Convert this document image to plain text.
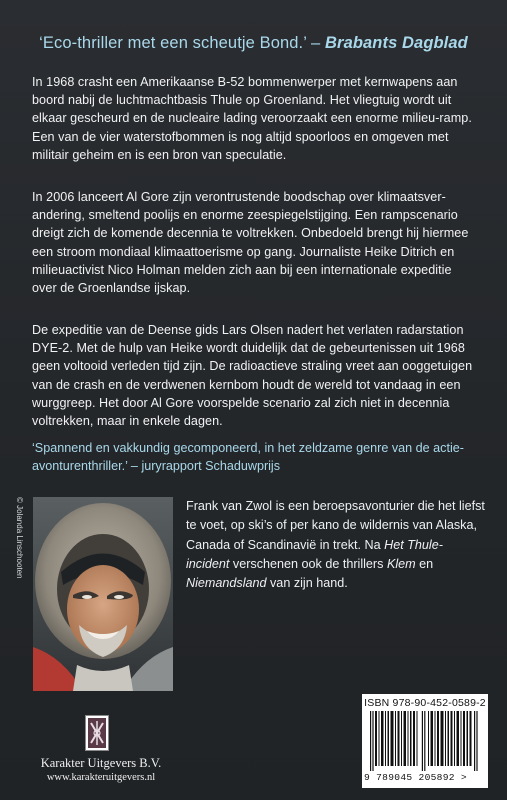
‘Eco-thriller met een scheutje Bond.’ – Brabants Dagblad
In 1968 crasht een Amerikaanse B-52 bommenwerper met kernwapens aan boord nabij de luchtmachtbasis Thule op Groenland. Het vliegtuig wordt uit elkaar gescheurd en de nucleaire lading veroorzaakt een enorme milieu-ramp. Een van de vier waterstofbommen is nog altijd spoorloos en omgeven met militair geheim en is een bron van speculatie.
In 2006 lanceert Al Gore zijn verontrustende boodschap over klimaatsver-andering, smeltend poolijs en enorme zeespiegelstijging. Een rampscenario dreigt zich de komende decennia te voltrekken. Onbedoeld brengt hij hiermee een stroom mondiaal klimaattoerisme op gang. Journaliste Heike Ditrich en milieuactivist Nico Holman melden zich aan bij een internationale expeditie over de Groenlandse ijskap.
De expeditie van de Deense gids Lars Olsen nadert het verlaten radarstation DYE-2. Met de hulp van Heike wordt duidelijk dat de gebeurtenissen uit 1968 geen voltooid verleden tijd zijn. De radioactieve straling vreet aan ooggetuigen van de crash en de verdwenen kernbom houdt de wereld tot vandaag in een wurggreep. Het door Al Gore voorspelde scenario zal zich niet in decennia voltrekken, maar in enkele dagen.
‘Spannend en vakkundig gecomponeerd, in het zeldzame genre van de actie-avonturenthriller.’ – juryrapport Schaduwprijs
© Jolanda Linschooten	Frank van Zwol is een beroepsavonturier die het liefst te voet, op ski’s of per kano de wildernis van Alaska, Canada of Scandinavië in trekt. Na Het Thule-incident verschenen ook de thrillers Klem en Niemandsland van zijn hand.
Karakter Uitgevers B.V.
www.karakteruitgevers.nl
ISBN 978-90-452-0589-2
9 789045 205892 >
